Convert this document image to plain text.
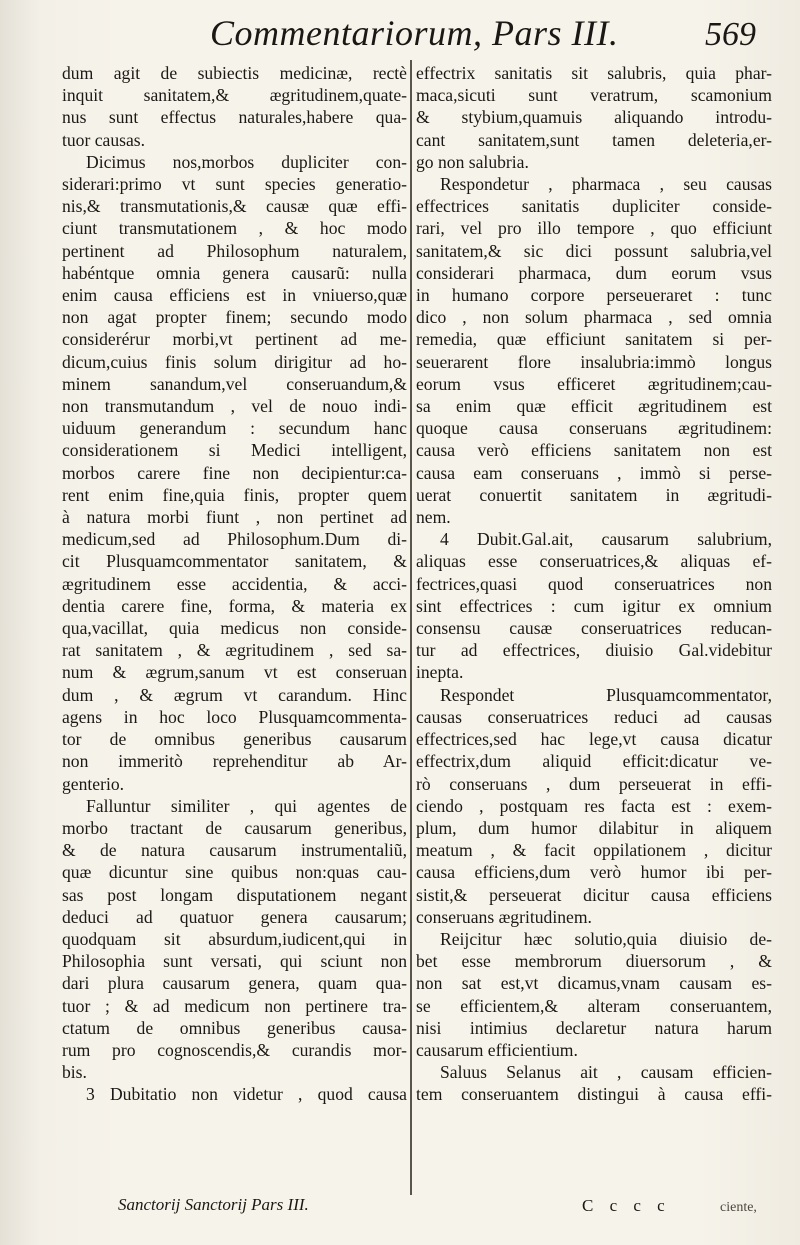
Commentariorum, Pars III.	569
dum agit de subiectis medicinæ, rectè
inquit sanitatem,& ægritudinem,quate-
nus sunt effectus naturales,habere qua-
tuor causas.
Dicimus nos,morbos dupliciter con-
siderari:primo vt sunt species generatio-
nis,& transmutationis,& causæ quæ effi-
ciunt transmutationem , & hoc modo
pertinent ad Philosophum naturalem,
habéntque omnia genera causarũ: nulla
enim causa efficiens est in vniuerso,quæ
non agat propter finem; secundo modo
considerérur morbi,vt pertinent ad me-
dicum,cuius finis solum dirigitur ad ho-
minem sanandum,vel conseruandum,&
non transmutandum , vel de nouo indi-
uiduum generandum : secundum hanc
considerationem si Medici intelligent,
morbos carere fine non decipientur:ca-
rent enim fine,quia finis, propter quem
à natura morbi fiunt , non pertinet ad
medicum,sed ad Philosophum.Dum di-
cit Plusquamcommentator sanitatem, &
ægritudinem esse accidentia, & acci-
dentia carere fine, forma, & materia ex
qua,vacillat, quia medicus non conside-
rat sanitatem , & ægritudinem , sed sa-
num & ægrum,sanum vt est conseruan
dum , & ægrum vt carandum. Hinc
agens in hoc loco Plusquamcommenta-
tor de omnibus generibus causarum
non immeritò reprehenditur ab Ar-
genterio.
Falluntur similiter , qui agentes de
morbo tractant de causarum generibus,
& de natura causarum instrumentaliũ,
quæ dicuntur sine quibus non:quas cau-
sas post longam disputationem negant
deduci ad quatuor genera causarum;
quodquam sit absurdum,iudicent,qui in
Philosophia sunt versati, qui sciunt non
dari plura causarum genera, quam qua-
tuor ; & ad medicum non pertinere tra-
ctatum de omnibus generibus causa-
rum pro cognoscendis,& curandis mor-
bis.
3 Dubitatio non videtur , quod causa
effectrix sanitatis sit salubris, quia phar-
maca,sicuti sunt veratrum, scamonium
& stybium,quamuis aliquando introdu-
cant sanitatem,sunt tamen deleteria,er-
go non salubria.
Respondetur , pharmaca , seu causas
effectrices sanitatis dupliciter conside-
rari, vel pro illo tempore , quo efficiunt
sanitatem,& sic dici possunt salubria,vel
considerari pharmaca, dum eorum vsus
in humano corpore perseueraret : tunc
dico , non solum pharmaca , sed omnia
remedia, quæ efficiunt sanitatem si per-
seuerarent flore insalubria:immò longus
eorum vsus efficeret ægritudinem;cau-
sa enim quæ efficit ægritudinem est
quoque causa conseruans ægritudinem:
causa verò efficiens sanitatem non est
causa eam conseruans , immò si perse-
uerat conuertit sanitatem in ægritudi-
nem.
4 Dubit.Gal.ait, causarum salubrium,
aliquas esse conseruatrices,& aliquas ef-
fectrices,quasi quod conseruatrices non
sint effectrices : cum igitur ex omnium
consensu causæ conseruatrices reducan-
tur ad effectrices, diuisio Gal.videbitur
inepta.
Respondet Plusquamcommentator,
causas conseruatrices reduci ad causas
effectrices,sed hac lege,vt causa dicatur
effectrix,dum aliquid efficit:dicatur ve-
rò conseruans , dum perseuerat in effi-
ciendo , postquam res facta est : exem-
plum, dum humor dilabitur in aliquem
meatum , & facit oppilationem , dicitur
causa efficiens,dum verò humor ibi per-
sistit,& perseuerat dicitur causa efficiens
conseruans ægritudinem.
Reijcitur hæc solutio,quia diuisio de-
bet esse membrorum diuersorum , &
non sat est,vt dicamus,vnam causam es-
se efficientem,& alteram conseruantem,
nisi intimius declaretur natura harum
causarum efficientium.
Saluus Selanus ait , causam efficien-
tem conseruantem distingui à causa effi-
Sanctorij Sanctorij Pars III.	C c c c	ciente,
